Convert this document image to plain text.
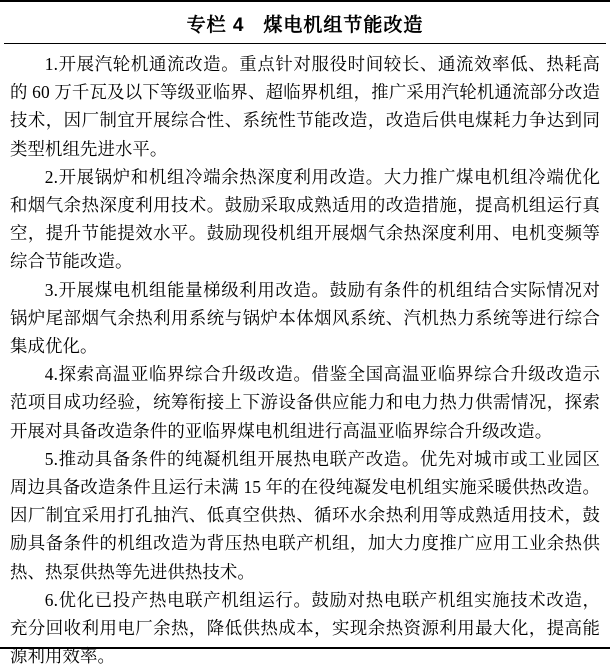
专栏 4   煤电机组节能改造

1.开展汽轮机通流改造。重点针对服役时间较长、通流效率低、热耗高的 60 万千瓦及以下等级亚临界、超临界机组，推广采用汽轮机通流部分改造技术，因厂制宜开展综合性、系统性节能改造，改造后供电煤耗力争达到同类型机组先进水平。

2.开展锅炉和机组冷端余热深度利用改造。大力推广煤电机组冷端优化和烟气余热深度利用技术。鼓励采取成熟适用的改造措施，提高机组运行真空，提升节能提效水平。鼓励现役机组开展烟气余热深度利用、电机变频等综合节能改造。

3.开展煤电机组能量梯级利用改造。鼓励有条件的机组结合实际情况对锅炉尾部烟气余热利用系统与锅炉本体烟风系统、汽机热力系统等进行综合集成优化。

4.探索高温亚临界综合升级改造。借鉴全国高温亚临界综合升级改造示范项目成功经验，统筹衔接上下游设备供应能力和电力热力供需情况，探索开展对具备改造条件的亚临界煤电机组进行高温亚临界综合升级改造。

5.推动具备条件的纯凝机组开展热电联产改造。优先对城市或工业园区周边具备改造条件且运行未满 15 年的在役纯凝发电机组实施采暖供热改造。因厂制宜采用打孔抽汽、低真空供热、循环水余热利用等成熟适用技术，鼓励具备条件的机组改造为背压热电联产机组，加大力度推广应用工业余热供热、热泵供热等先进供热技术。

6.优化已投产热电联产机组运行。鼓励对热电联产机组实施技术改造，充分回收利用电厂余热，降低供热成本，实现余热资源利用最大化，提高能源利用效率。
